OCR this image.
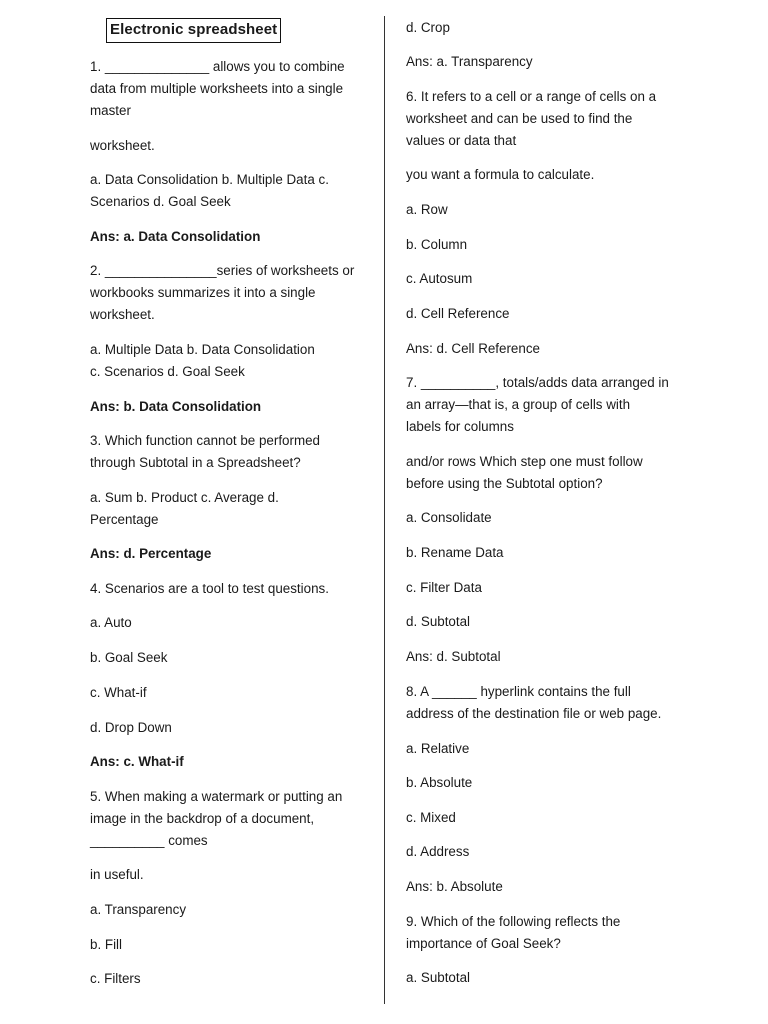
Electronic spreadsheet
1. ______________ allows you to combine
data from multiple worksheets into a single
master
worksheet.
a. Data Consolidation b. Multiple Data c.
Scenarios d. Goal Seek
Ans: a. Data Consolidation
2. _______________series of worksheets or
workbooks summarizes it into a single
worksheet.
a. Multiple Data b. Data Consolidation
c. Scenarios d. Goal Seek
Ans: b. Data Consolidation
3. Which function cannot be performed
through Subtotal in a Spreadsheet?
a. Sum b. Product c. Average d.
Percentage
Ans: d. Percentage
4. Scenarios are a tool to test questions.
a. Auto
b. Goal Seek
c. What-if
d. Drop Down
Ans: c. What-if
5. When making a watermark or putting an
image in the backdrop of a document,
__________ comes
in useful.
a. Transparency
b. Fill
c. Filters
d. Crop
Ans: a. Transparency
6. It refers to a cell or a range of cells on a
worksheet and can be used to find the
values or data that
you want a formula to calculate.
a. Row
b. Column
c. Autosum
d. Cell Reference
Ans: d. Cell Reference
7. __________, totals/adds data arranged in
an array—that is, a group of cells with
labels for columns
and/or rows Which step one must follow
before using the Subtotal option?
a. Consolidate
b. Rename Data
c. Filter Data
d. Subtotal
Ans: d. Subtotal
8. A ______ hyperlink contains the full
address of the destination file or web page.
a. Relative
b. Absolute
c. Mixed
d. Address
Ans: b. Absolute
9. Which of the following reflects the
importance of Goal Seek?
a. Subtotal
